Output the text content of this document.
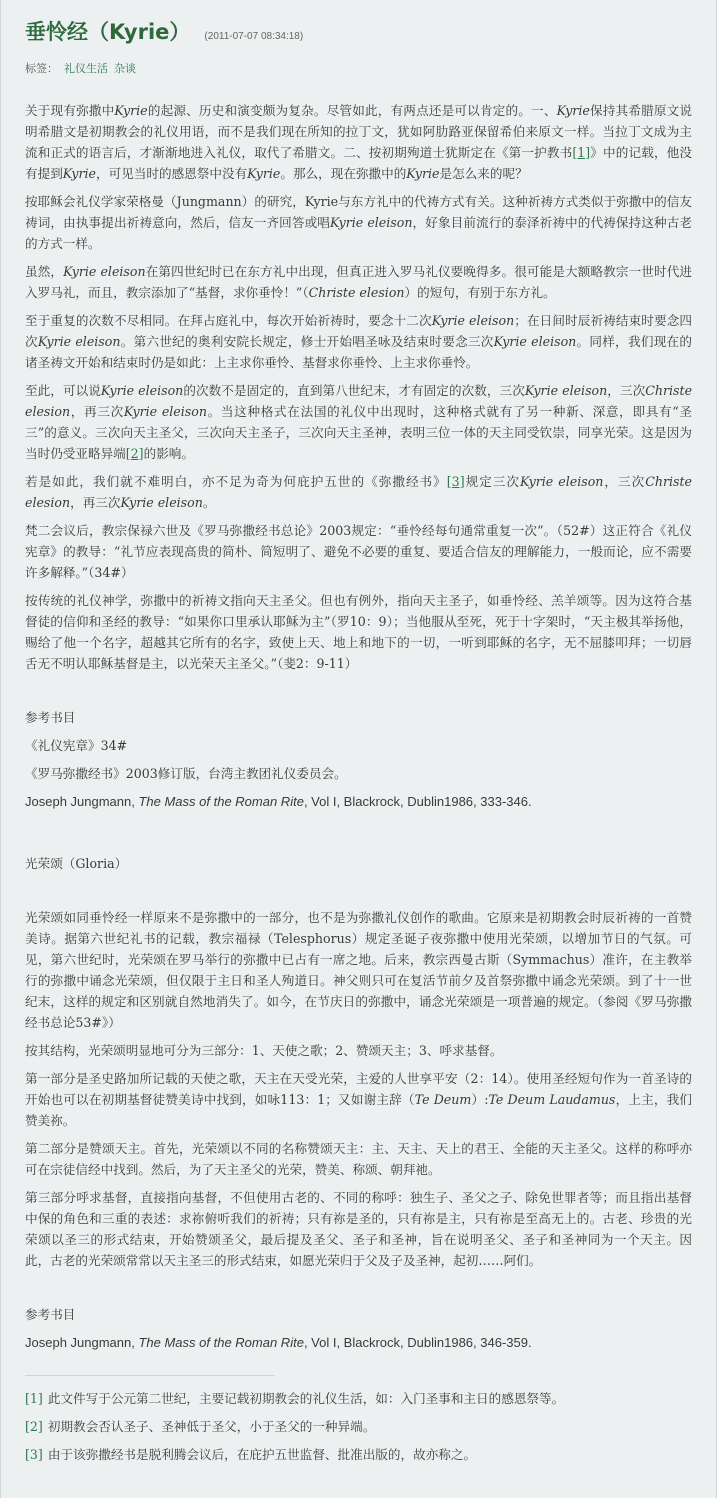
垂怜经（Kyrie） (2011-07-07 08:34:18)
标签： 礼仪生活 杂谈

关于现有弥撒中Kyrie的起源、历史和演变颇为复杂。尽管如此，有两点还是可以肯定的。一、Kyrie保持其希腊原文说明希腊文是初期教会的礼仪用语，而不是我们现在所知的拉丁文，犹如阿肋路亚保留希伯来原文一样。当拉丁文成为主流和正式的语言后，才渐渐地进入礼仪，取代了希腊文。二、按初期殉道士犹斯定在《第一护教书[1]》中的记载，他没有提到Kyrie，可见当时的感恩祭中没有Kyrie。那么，现在弥撒中的Kyrie是怎么来的呢？

按耶稣会礼仪学家荣格曼（Jungmann）的研究，Kyrie与东方礼中的代祷方式有关。这种祈祷方式类似于弥撒中的信友祷词，由执事提出祈祷意向，然后，信友一齐回答或唱Kyrie eleison，好象目前流行的泰泽祈祷中的代祷保持这种古老的方式一样。

虽然，Kyrie eleison在第四世纪时已在东方礼中出现，但真正进入罗马礼仪要晚得多。很可能是大额略教宗一世时代进入罗马礼，而且，教宗添加了“基督，求你垂怜！”（Christe elesion）的短句，有别于东方礼。

至于重复的次数不尽相同。在拜占庭礼中，每次开始祈祷时，要念十二次Kyrie eleison；在日间时辰祈祷结束时要念四次Kyrie eleison。第六世纪的奥利安院长规定，修士开始唱圣咏及结束时要念三次Kyrie eleison。同样，我们现在的诸圣祷文开始和结束时仍是如此：上主求你垂怜、基督求你垂怜、上主求你垂怜。

至此，可以说Kyrie eleison的次数不是固定的，直到第八世纪末，才有固定的次数，三次Kyrie eleison，三次Christe elesion，再三次Kyrie eleison。当这种格式在法国的礼仪中出现时，这种格式就有了另一种新、深意，即具有“圣三”的意义。三次向天主圣父，三次向天主圣子，三次向天主圣神，表明三位一体的天主同受钦崇，同享光荣。这是因为当时仍受亚略异端[2]的影响。

若是如此，我们就不难明白，亦不足为奇为何庇护五世的《弥撒经书》[3]规定三次Kyrie eleison，三次Christe elesion，再三次Kyrie eleison。

梵二会议后，教宗保禄六世及《罗马弥撒经书总论》2003规定：“垂怜经每句通常重复一次”。（52#）这正符合《礼仪宪章》的教导：“礼节应表现高贵的简朴、简短明了、避免不必要的重复、要适合信友的理解能力，一般而论，应不需要许多解释。”（34#）

按传统的礼仪神学，弥撒中的祈祷文指向天主圣父。但也有例外，指向天主圣子，如垂怜经、羔羊颂等。因为这符合基督徒的信仰和圣经的教导：“如果你口里承认耶稣为主”（罗10：9）；当他服从至死，死于十字架时，“天主极其举扬他，赐给了他一个名字，超越其它所有的名字，致使上天、地上和地下的一切，一听到耶稣的名字，无不屈膝叩拜；一切唇舌无不明认耶稣基督是主，以光荣天主圣父。”（斐2：9-11）

参考书目

《礼仪宪章》34#

《罗马弥撒经书》2003修订版，台湾主教团礼仪委员会。

Joseph Jungmann, The Mass of the Roman Rite, Vol I, Blackrock, Dublin1986, 333-346.

光荣颂（Gloria）

光荣颂如同垂怜经一样原来不是弥撒中的一部分，也不是为弥撒礼仪创作的歌曲。它原来是初期教会时辰祈祷的一首赞美诗。据第六世纪礼书的记载，教宗福禄（Telesphorus）规定圣诞子夜弥撒中使用光荣颂，以增加节日的气氛。可见，第六世纪时，光荣颂在罗马举行的弥撒中已占有一席之地。后来，教宗西曼古斯（Symmachus）准许，在主教举行的弥撒中诵念光荣颂，但仅限于主日和圣人殉道日。神父则只可在复活节前夕及首祭弥撒中诵念光荣颂。到了十一世纪末，这样的规定和区别就自然地消失了。如今，在节庆日的弥撒中，诵念光荣颂是一项普遍的规定。（参阅《罗马弥撒经书总论53#》）

按其结构，光荣颂明显地可分为三部分：1、天使之歌；2、赞颂天主；3、呼求基督。

第一部分是圣史路加所记载的天使之歌，天主在天受光荣，主爱的人世享平安（2：14）。使用圣经短句作为一首圣诗的开始也可以在初期基督徒赞美诗中找到，如咏113：1；又如谢主辞（Te Deum）:Te Deum Laudamus，上主，我们赞美祢。

第二部分是赞颂天主。首先，光荣颂以不同的名称赞颂天主：主、天主、天上的君王、全能的天主圣父。这样的称呼亦可在宗徒信经中找到。然后，为了天主圣父的光荣，赞美、称颂、朝拜祂。

第三部分呼求基督，直接指向基督，不但使用古老的、不同的称呼：独生子、圣父之子、除免世罪者等；而且指出基督中保的角色和三重的表述：求祢俯听我们的祈祷；只有祢是圣的，只有祢是主，只有祢是至高无上的。古老、珍贵的光荣颂以圣三的形式结束，开始赞颂圣父，最后提及圣父、圣子和圣神，旨在说明圣父、圣子和圣神同为一个天主。因此，古老的光荣颂常常以天主圣三的形式结束，如愿光荣归于父及子及圣神，起初……阿们。

参考书目

Joseph Jungmann, The Mass of the Roman Rite, Vol I, Blackrock, Dublin1986, 346-359.

[1] 此文件写于公元第二世纪，主要记载初期教会的礼仪生活，如：入门圣事和主日的感恩祭等。

[2] 初期教会否认圣子、圣神低于圣父，小于圣父的一种异端。

[3] 由于该弥撒经书是脱利腾会议后，在庇护五世监督、批准出版的，故亦称之。
